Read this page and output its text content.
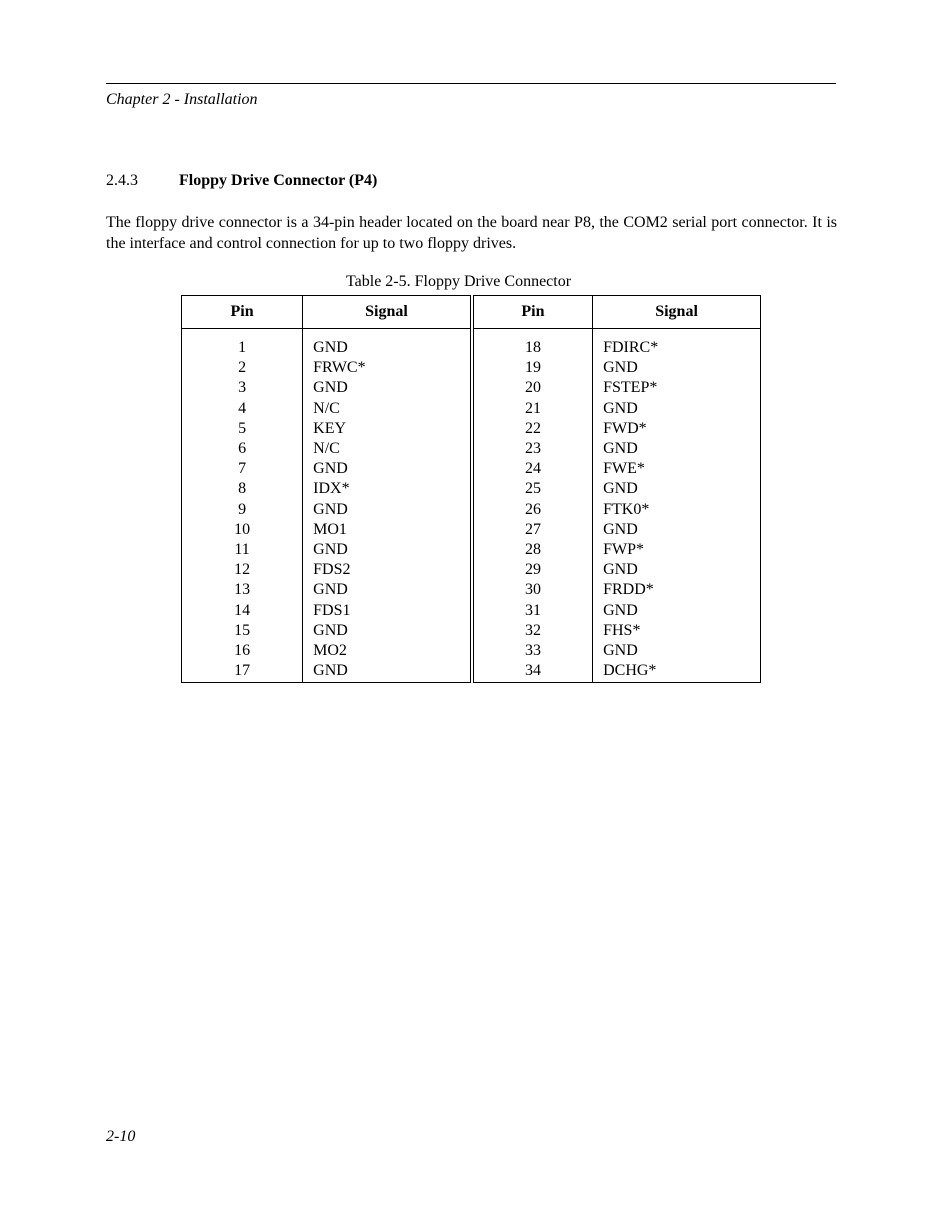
Chapter 2 - Installation
2.4.3	Floppy Drive Connector (P4)

The floppy drive connector is a 34-pin header located on the board near P8, the COM2 serial port connector. It is the interface and control connection for up to two floppy drives.

Table 2-5. Floppy Drive Connector
Pin	Signal	Pin	Signal
1	GND	18	FDIRC*
2	FRWC*	19	GND
3	GND	20	FSTEP*
4	N/C	21	GND
5	KEY	22	FWD*
6	N/C	23	GND
7	GND	24	FWE*
8	IDX*	25	GND
9	GND	26	FTK0*
10	MO1	27	GND
11	GND	28	FWP*
12	FDS2	29	GND
13	GND	30	FRDD*
14	FDS1	31	GND
15	GND	32	FHS*
16	MO2	33	GND
17	GND	34	DCHG*
2-10
